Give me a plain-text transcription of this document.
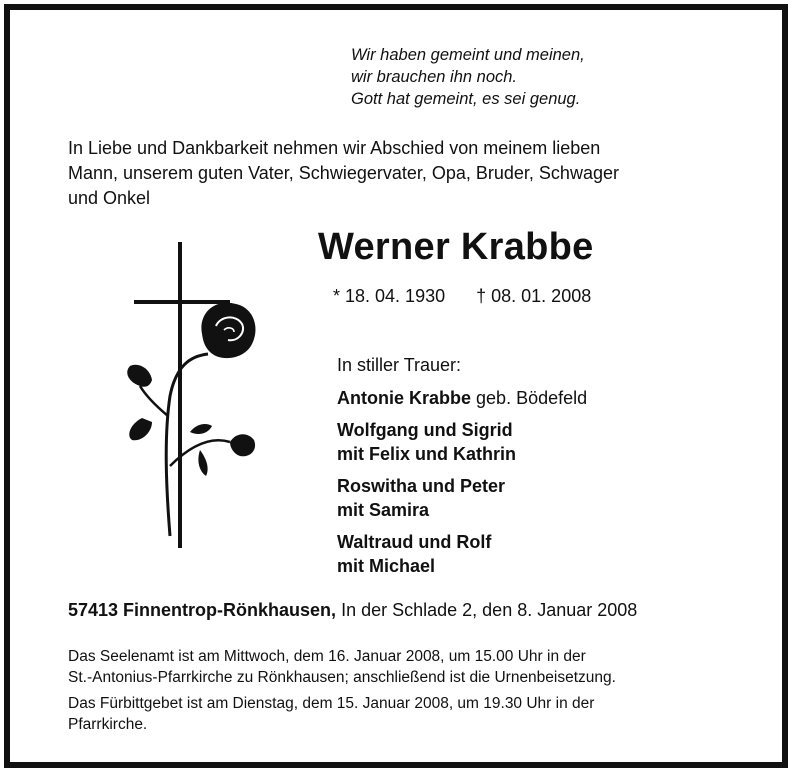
Wir haben gemeint und meinen,
wir brauchen ihn noch.
Gott hat gemeint, es sei genug.
In Liebe und Dankbarkeit nehmen wir Abschied von meinem lieben
Mann, unserem guten Vater, Schwiegervater, Opa, Bruder, Schwager
und Onkel
Werner Krabbe
* 18. 04. 1930 † 08. 01. 2008
In stiller Trauer:
Antonie Krabbe geb. Bödefeld
Wolfgang und Sigrid
mit Felix und Kathrin
Roswitha und Peter
mit Samira
Waltraud und Rolf
mit Michael
57413 Finnentrop-Rönkhausen, In der Schlade 2, den 8. Januar 2008

Das Seelenamt ist am Mittwoch, dem 16. Januar 2008, um 15.00 Uhr in der
St.-Antonius-Pfarrkirche zu Rönkhausen; anschließend ist die Urnenbeisetzung.

Das Fürbittgebet ist am Dienstag, dem 15. Januar 2008, um 19.30 Uhr in der
Pfarrkirche.
